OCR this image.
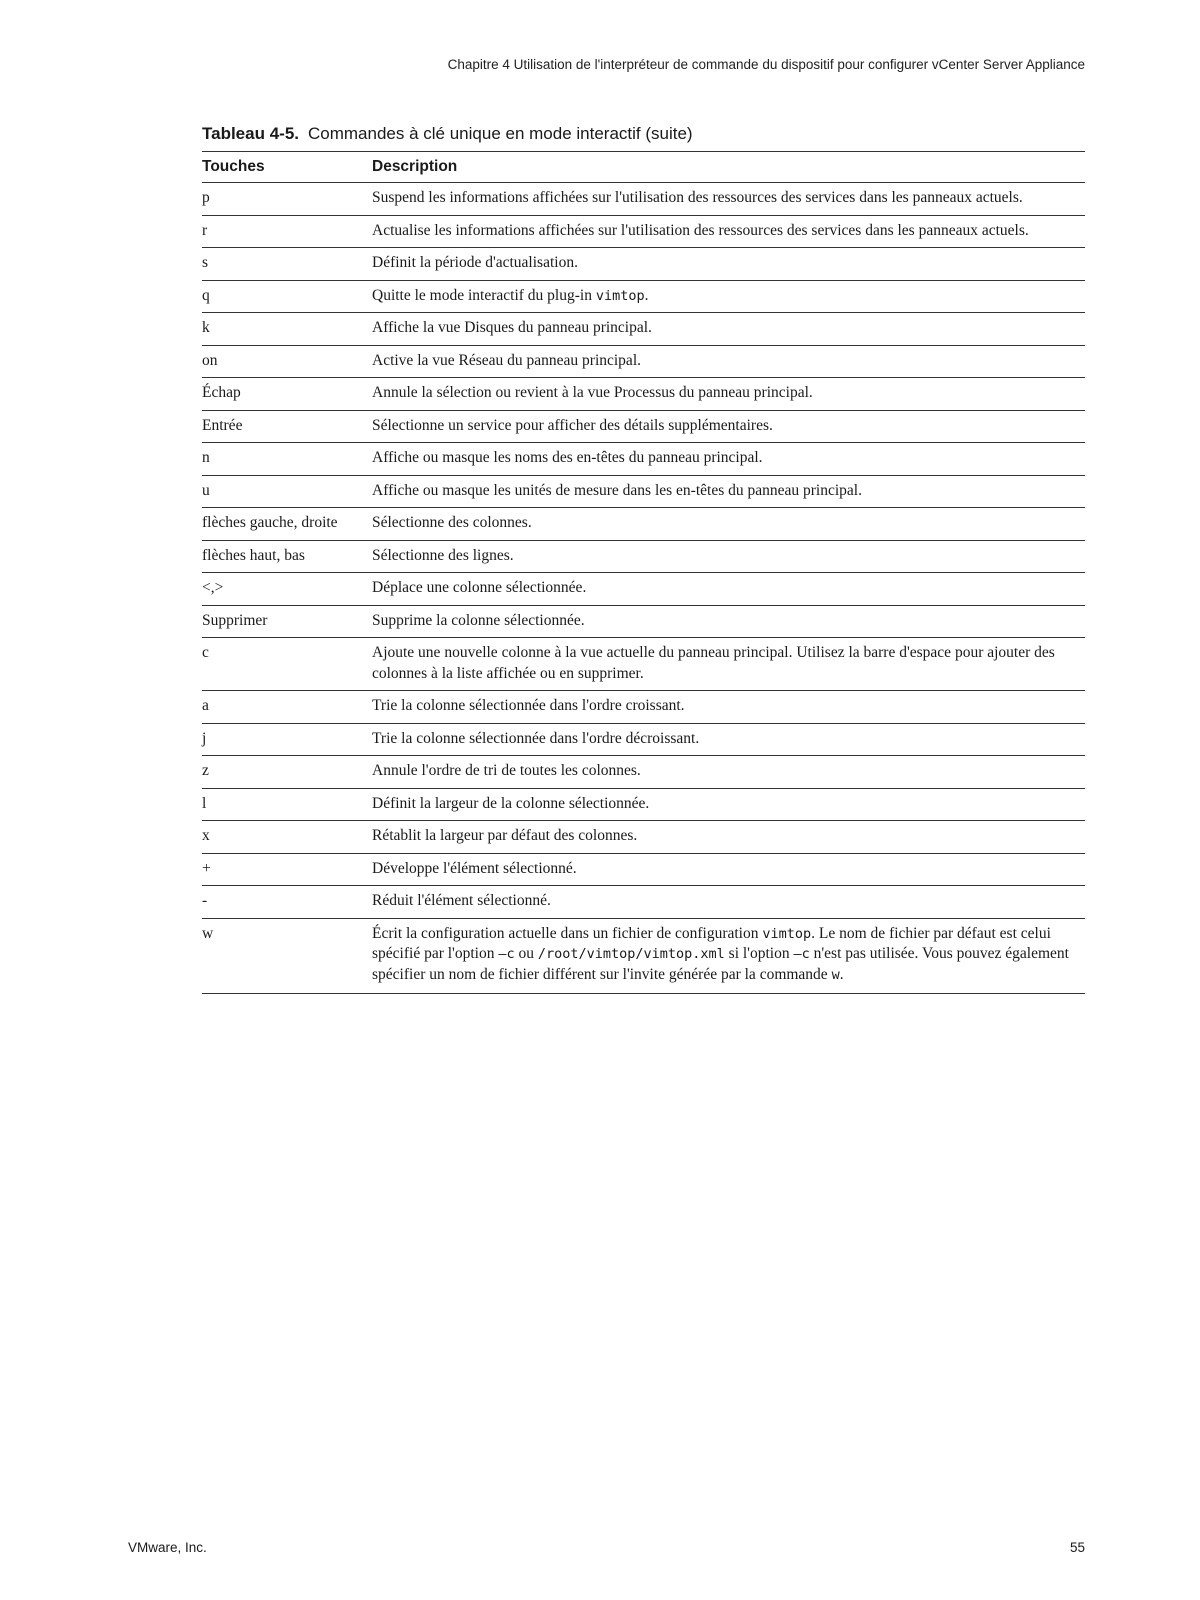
Chapitre 4 Utilisation de l'interpréteur de commande du dispositif pour configurer vCenter Server Appliance
Tableau 4-5. Commandes à clé unique en mode interactif (suite)
Touches	Description
p	Suspend les informations affichées sur l'utilisation des ressources des services dans les panneaux actuels.
r	Actualise les informations affichées sur l'utilisation des ressources des services dans les panneaux actuels.
s	Définit la période d'actualisation.
q	Quitte le mode interactif du plug-in vimtop.
k	Affiche la vue Disques du panneau principal.
on	Active la vue Réseau du panneau principal.
Échap	Annule la sélection ou revient à la vue Processus du panneau principal.
Entrée	Sélectionne un service pour afficher des détails supplémentaires.
n	Affiche ou masque les noms des en-têtes du panneau principal.
u	Affiche ou masque les unités de mesure dans les en-têtes du panneau principal.
flèches gauche, droite	Sélectionne des colonnes.
flèches haut, bas	Sélectionne des lignes.
<,>	Déplace une colonne sélectionnée.
Supprimer	Supprime la colonne sélectionnée.
c	Ajoute une nouvelle colonne à la vue actuelle du panneau principal. Utilisez la barre d'espace pour ajouter des colonnes à la liste affichée ou en supprimer.
a	Trie la colonne sélectionnée dans l'ordre croissant.
j	Trie la colonne sélectionnée dans l'ordre décroissant.
z	Annule l'ordre de tri de toutes les colonnes.
l	Définit la largeur de la colonne sélectionnée.
x	Rétablit la largeur par défaut des colonnes.
+	Développe l'élément sélectionné.
-	Réduit l'élément sélectionné.
w	Écrit la configuration actuelle dans un fichier de configuration vimtop. Le nom de fichier par défaut est celui spécifié par l'option –c ou /root/vimtop/vimtop.xml si l'option –c n'est pas utilisée. Vous pouvez également spécifier un nom de fichier différent sur l'invite générée par la commande w.
VMware, Inc.	55
